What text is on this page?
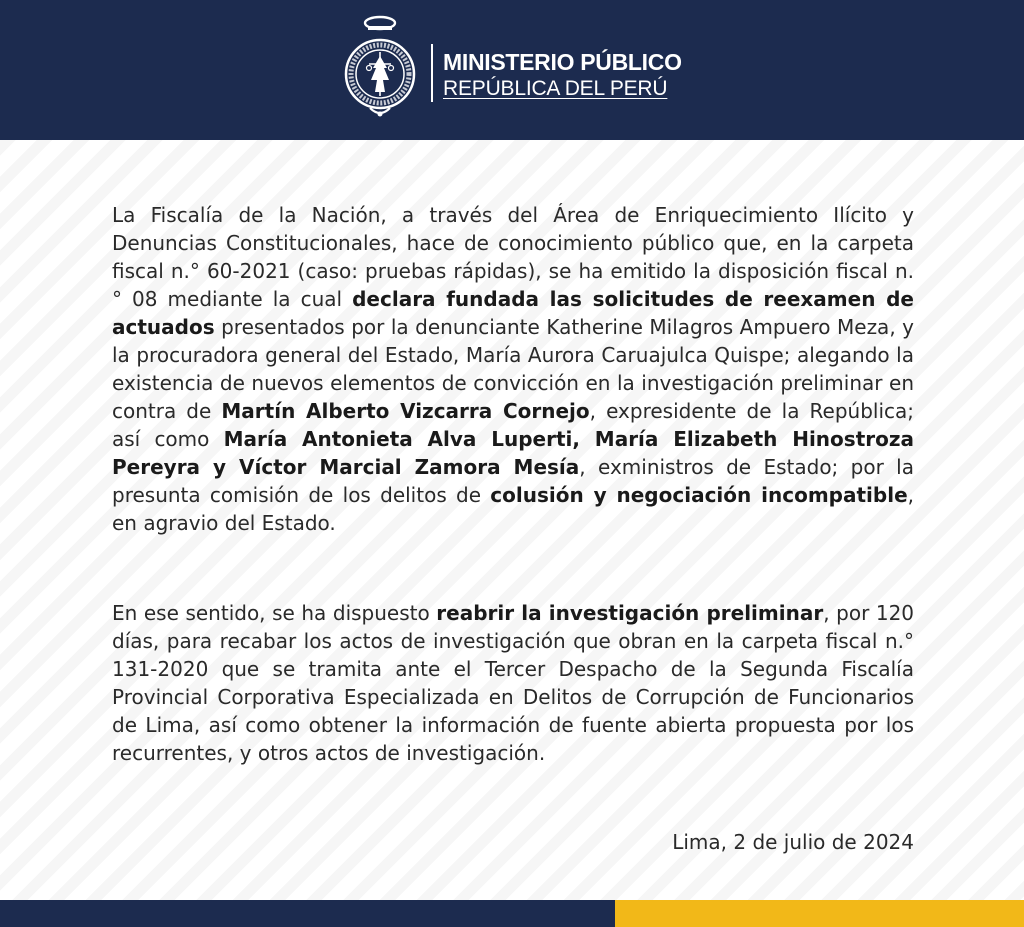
MINISTERIO PÚBLICO
REPÚBLICA DEL PERÚ

La Fiscalía de la Nación, a través del Área de Enriquecimiento Ilícito y Denuncias Constitucionales, hace de conocimiento público que, en la carpeta fiscal n.° 60-2021 (caso: pruebas rápidas), se ha emitido la disposición fiscal n.° 08 mediante la cual declara fundada las solicitudes de reexamen de actuados presentados por la denunciante Katherine Milagros Ampuero Meza, y la procuradora general del Estado, María Aurora Caruajulca Quispe; alegando la existencia de nuevos elementos de convicción en la investigación preliminar en contra de Martín Alberto Vizcarra Cornejo, expresidente de la República; así como María Antonieta Alva Luperti, María Elizabeth Hinostroza Pereyra y Víctor Marcial Zamora Mesía, exministros de Estado; por la presunta comisión de los delitos de colusión y negociación incompatible, en agravio del Estado.

En ese sentido, se ha dispuesto reabrir la investigación preliminar, por 120 días, para recabar los actos de investigación que obran en la carpeta fiscal n.° 131-2020 que se tramita ante el Tercer Despacho de la Segunda Fiscalía Provincial Corporativa Especializada en Delitos de Corrupción de Funcionarios de Lima, así como obtener la información de fuente abierta propuesta por los recurrentes, y otros actos de investigación.

Lima, 2 de julio de 2024
